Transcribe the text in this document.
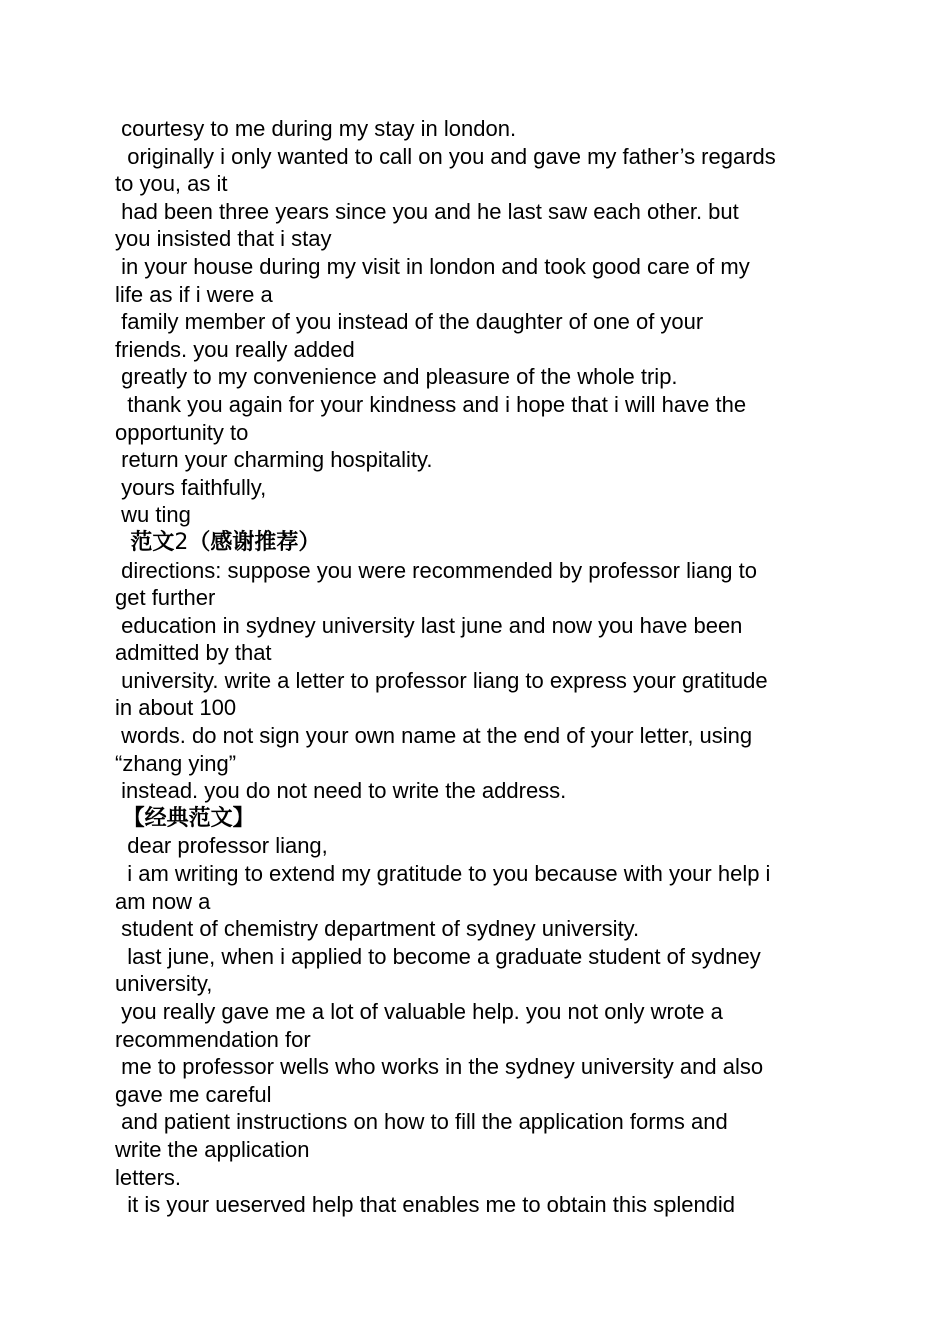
courtesy to me during my stay in london.
originally i only wanted to call on you and gave my father’s regards
to you, as it
had been three years since you and he last saw each other. but
you insisted that i stay
in your house during my visit in london and took good care of my
life as if i were a
family member of you instead of the daughter of one of your
friends. you really added
greatly to my convenience and pleasure of the whole trip.
thank you again for your kindness and i hope that i will have the
opportunity to
return your charming hospitality.
yours faithfully,
wu ting
范文2（感谢推荐）
directions: suppose you were recommended by professor liang to
get further
education in sydney university last june and now you have been
admitted by that
university. write a letter to professor liang to express your gratitude
in about 100
words. do not sign your own name at the end of your letter, using
“zhang ying”
instead. you do not need to write the address.
【经典范文】
dear professor liang,
i am writing to extend my gratitude to you because with your help i
am now a
student of chemistry department of sydney university.
last june, when i applied to become a graduate student of sydney
university,
you really gave me a lot of valuable help. you not only wrote a
recommendation for
me to professor wells who works in the sydney university and also
gave me careful
and patient instructions on how to fill the application forms and
write the application
letters.
it is your ueserved help that enables me to obtain this splendid
